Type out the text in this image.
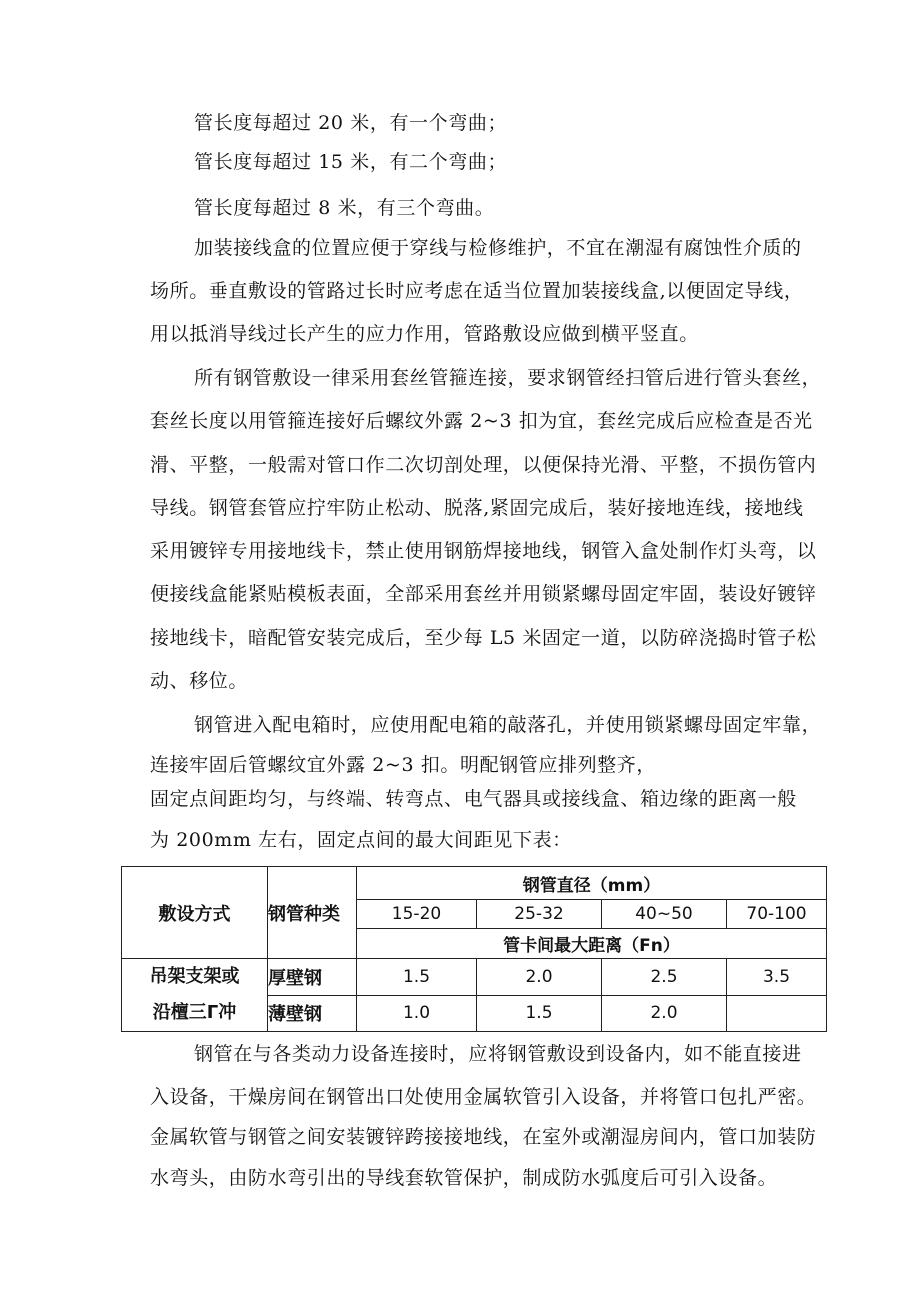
管长度每超过 20 米，有一个弯曲；
管长度每超过 15 米，有二个弯曲；
管长度每超过 8 米，有三个弯曲。
加装接线盒的位置应便于穿线与检修维护，不宜在潮湿有腐蚀性介质的
场所。垂直敷设的管路过长时应考虑在适当位置加装接线盒,以便固定导线，
用以抵消导线过长产生的应力作用，管路敷设应做到横平竖直。
所有钢管敷设一律采用套丝管箍连接，要求钢管经扫管后进行管头套丝，
套丝长度以用管箍连接好后螺纹外露 2~3 扣为宜，套丝完成后应检查是否光
滑、平整，一般需对管口作二次切剖处理，以便保持光滑、平整，不损伤管内
导线。钢管套管应拧牢防止松动、脱落,紧固完成后，装好接地连线，接地线
采用镀锌专用接地线卡，禁止使用钢筋焊接地线，钢管入盒处制作灯头弯，以
便接线盒能紧贴模板表面，全部采用套丝并用锁紧螺母固定牢固，装设好镀锌
接地线卡，暗配管安装完成后，至少每 L5 米固定一道，以防碎浇捣时管子松
动、移位。
钢管进入配电箱时，应使用配电箱的敲落孔，并使用锁紧螺母固定牢靠，
连接牢固后管螺纹宜外露 2~3 扣。明配钢管应排列整齐，
固定点间距均匀，与终端、转弯点、电气器具或接线盒、箱边缘的距离一般
为 200mm 左右，固定点间的最大间距见下表：
敷设方式	钢管种类	钢管直径（mm）			
		15-20	25-32	40~50	70-100
		管卡间最大距离（Fn）			

吊架支架或
沿檀三Γ冲	厚壁钢	1.5	2.0	2.5	3.5
	薄壁钢	1.0	1.5	2.0	
钢管在与各类动力设备连接时，应将钢管敷设到设备内，如不能直接进
入设备，干燥房间在钢管出口处使用金属软管引入设备，并将管口包扎严密。
金属软管与钢管之间安装镀锌跨接接地线，在室外或潮湿房间内，管口加装防
水弯头，由防水弯引出的导线套软管保护，制成防水弧度后可引入设备。
